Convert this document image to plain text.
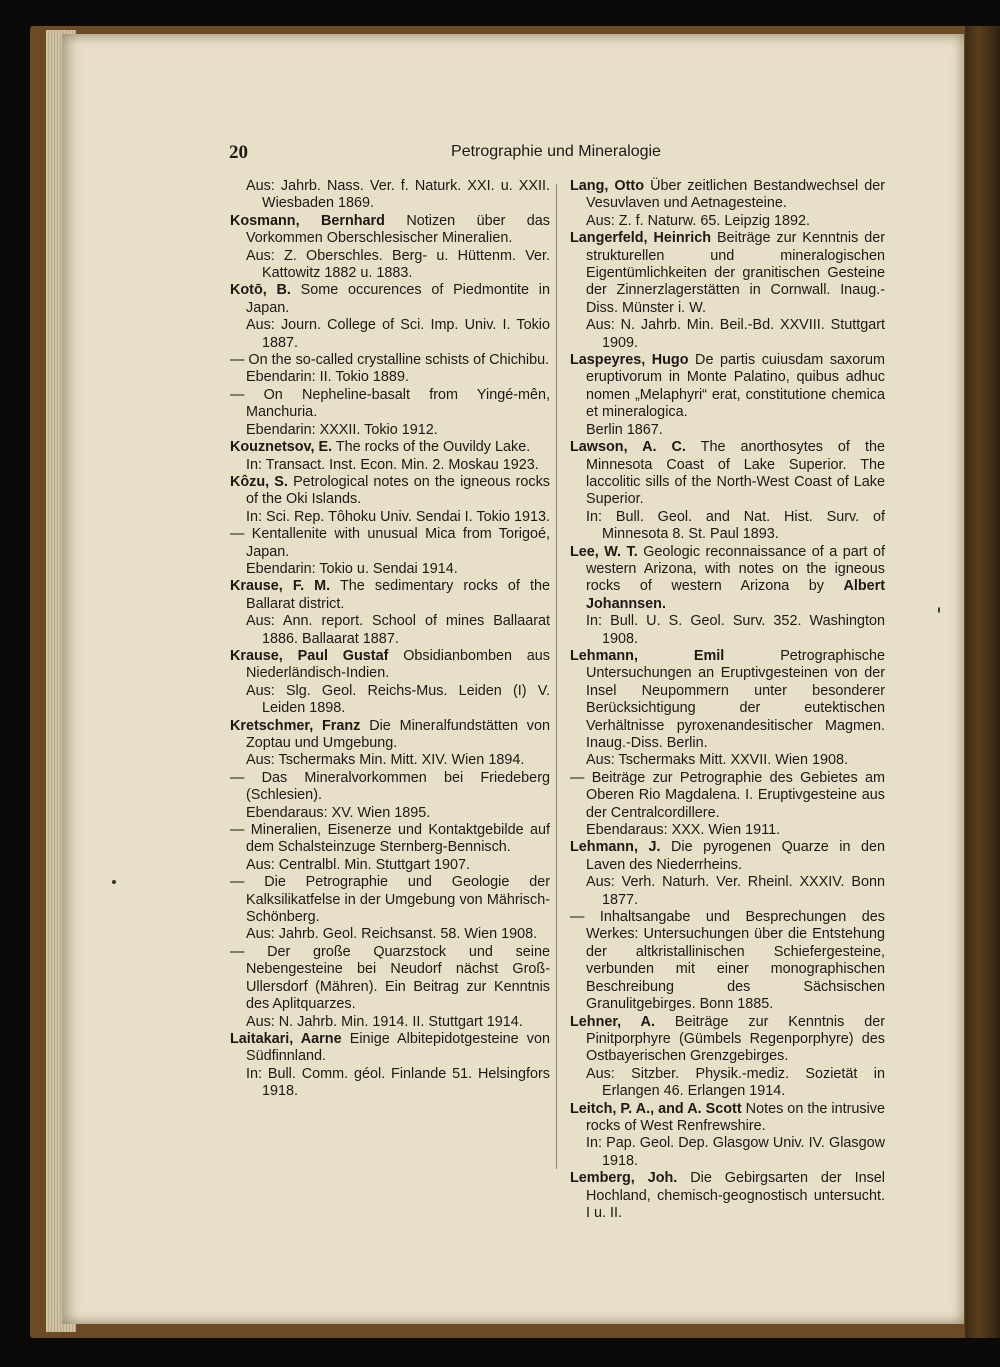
20	Petrographie und Mineralogie
Aus: Jahrb. Nass. Ver. f. Naturk. XXI. u. XXII. Wiesbaden 1869.
Kosmann, Bernhard Notizen über das Vorkommen Oberschlesischer Mineralien.
Aus: Z. Oberschles. Berg- u. Hüttenm. Ver. Kattowitz 1882 u. 1883.
Kotō, B. Some occurences of Piedmontite in Japan.
Aus: Journ. College of Sci. Imp. Univ. I. Tokio 1887.
— On the so-called crystalline schists of Chichibu.
Ebendarin: II. Tokio 1889.
— On Nepheline-basalt from Yingé-mên, Manchuria.
Ebendarin: XXXII. Tokio 1912.
Kouznetsov, E. The rocks of the Ouvildy Lake.
In: Transact. Inst. Econ. Min. 2. Moskau 1923.
Kôzu, S. Petrological notes on the igneous rocks of the Oki Islands.
In: Sci. Rep. Tôhoku Univ. Sendai I. Tokio 1913.
— Kentallenite with unusual Mica from Torigoé, Japan.
Ebendarin: Tokio u. Sendai 1914.
Krause, F. M. The sedimentary rocks of the Ballarat district.
Aus: Ann. report. School of mines Ballaarat 1886. Ballaarat 1887.
Krause, Paul Gustaf Obsidianbomben aus Niederländisch-Indien.
Aus: Slg. Geol. Reichs-Mus. Leiden (I) V. Leiden 1898.
Kretschmer, Franz Die Mineralfundstätten von Zoptau und Umgebung.
Aus: Tschermaks Min. Mitt. XIV. Wien 1894.
— Das Mineralvorkommen bei Friedeberg (Schlesien).
Ebendaraus: XV. Wien 1895.
— Mineralien, Eisenerze und Kontaktgebilde auf dem Schalsteinzuge Sternberg-Bennisch.
Aus: Centralbl. Min. Stuttgart 1907.
— Die Petrographie und Geologie der Kalksilikatfelse in der Umgebung von Mährisch-Schönberg.
Aus: Jahrb. Geol. Reichsanst. 58. Wien 1908.
— Der große Quarzstock und seine Nebengesteine bei Neudorf nächst Groß-Ullersdorf (Mähren). Ein Beitrag zur Kenntnis des Aplitquarzes.
Aus: N. Jahrb. Min. 1914. II. Stuttgart 1914.
Laitakari, Aarne Einige Albitepidotgesteine von Südfinnland.
In: Bull. Comm. géol. Finlande 51. Helsingfors 1918.
Lang, Otto Über zeitlichen Bestandwechsel der Vesuvlaven und Aetnagesteine.
Aus: Z. f. Naturw. 65. Leipzig 1892.
Langerfeld, Heinrich Beiträge zur Kenntnis der strukturellen und mineralogischen Eigentümlichkeiten der granitischen Gesteine der Zinnerzlagerstätten in Cornwall. Inaug.-Diss. Münster i. W.
Aus: N. Jahrb. Min. Beil.-Bd. XXVIII. Stuttgart 1909.
Laspeyres, Hugo De partis cuiusdam saxorum eruptivorum in Monte Palatino, quibus adhuc nomen „Melaphyri“ erat, constitutione chemica et mineralogica.
Berlin 1867.
Lawson, A. C. The anorthosytes of the Minnesota Coast of Lake Superior. The laccolitic sills of the North-West Coast of Lake Superior.
In: Bull. Geol. and Nat. Hist. Surv. of Minnesota 8. St. Paul 1893.
Lee, W. T. Geologic reconnaissance of a part of western Arizona, with notes on the igneous rocks of western Arizona by Albert Johannsen.
In: Bull. U. S. Geol. Surv. 352. Washington 1908.
Lehmann, Emil	Petrographische Untersuchungen an Eruptivgesteinen von der Insel Neupommern unter besonderer Berücksichtigung der eutektischen Verhältnisse pyroxenandesitischer Magmen. Inaug.-Diss. Berlin.
Aus: Tschermaks Mitt. XXVII. Wien 1908.
— Beiträge zur Petrographie des Gebietes am Oberen Rio Magdalena. I. Eruptivgesteine aus der Centralcordillere.
Ebendaraus: XXX. Wien 1911.
Lehmann, J. Die pyrogenen Quarze in den Laven des Niederrheins.
Aus: Verh. Naturh. Ver. Rheinl. XXXIV. Bonn 1877.
— Inhaltsangabe und Besprechungen des Werkes: Untersuchungen über die Entstehung der altkristallinischen Schiefergesteine, verbunden mit einer monographischen Beschreibung des Sächsischen Granulitgebirges. Bonn 1885.
Lehner, A. Beiträge zur Kenntnis der Pinitporphyre (Gümbels Regenporphyre) des Ostbayerischen Grenzgebirges.
Aus: Sitzber. Physik.-mediz. Sozietät in Erlangen 46. Erlangen 1914.
Leitch, P. A., and A. Scott Notes on the intrusive rocks of West Renfrewshire.
In: Pap. Geol. Dep. Glasgow Univ. IV. Glasgow 1918.
Lemberg, Joh. Die Gebirgsarten der Insel Hochland, chemisch-geognostisch untersucht. I u. II.
